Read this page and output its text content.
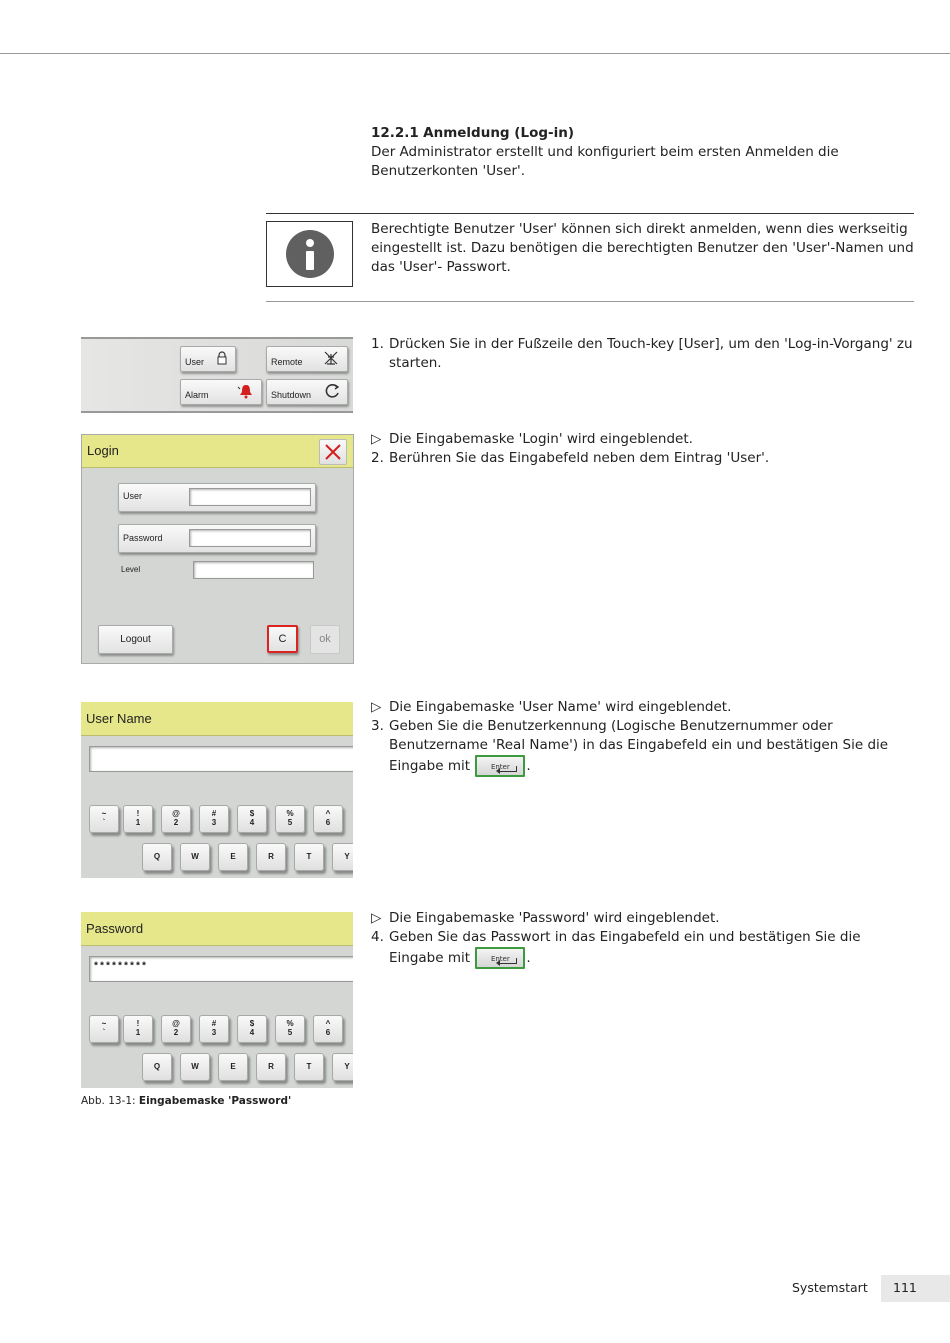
12.2.1 Anmeldung (Log-in)
Der Administrator erstellt und konfiguriert beim ersten Anmelden die Benutzerkonten 'User'.
Berechtigte Benutzer 'User' können sich direkt anmelden, wenn dies werkseitig eingestellt ist. Dazu benötigen die berechtigten Benutzer den 'User'-Namen und das 'User'- Passwort.
User	Remote
Alarm	Shutdown
1. Drücken Sie in der Fußzeile den Touch-key [User], um den 'Log-in-Vorgang' zu starten.
Login
User
Password
Level
Logout	C	ok
▷ Die Eingabemaske 'Login' wird eingeblendet.
2. Berühren Sie das Eingabefeld neben dem Eintrag 'User'.
User Name
~
`
!
1
@
2
#
3
$
4
%
5
^
6
Q	W	E	R	T	Y
▷ Die Eingabemaske 'User Name' wird eingeblendet.
3. Geben Sie die Benutzerkennung (Logische Benutzernummer oder Benutzername 'Real Name') in das Eingabefeld ein und bestätigen Sie die Eingabe mit	Enter	.
Password
*********
~
`
!
1
@
2
#
3
$
4
%
5
^
6
Q	W	E	R	T	Y
▷ Die Eingabemaske 'Password' wird eingeblendet.
4. Geben Sie das Passwort in das Eingabefeld ein und bestätigen Sie die Eingabe mit	Enter	.
Abb. 13-1: Eingabemaske 'Password'
Systemstart 111
